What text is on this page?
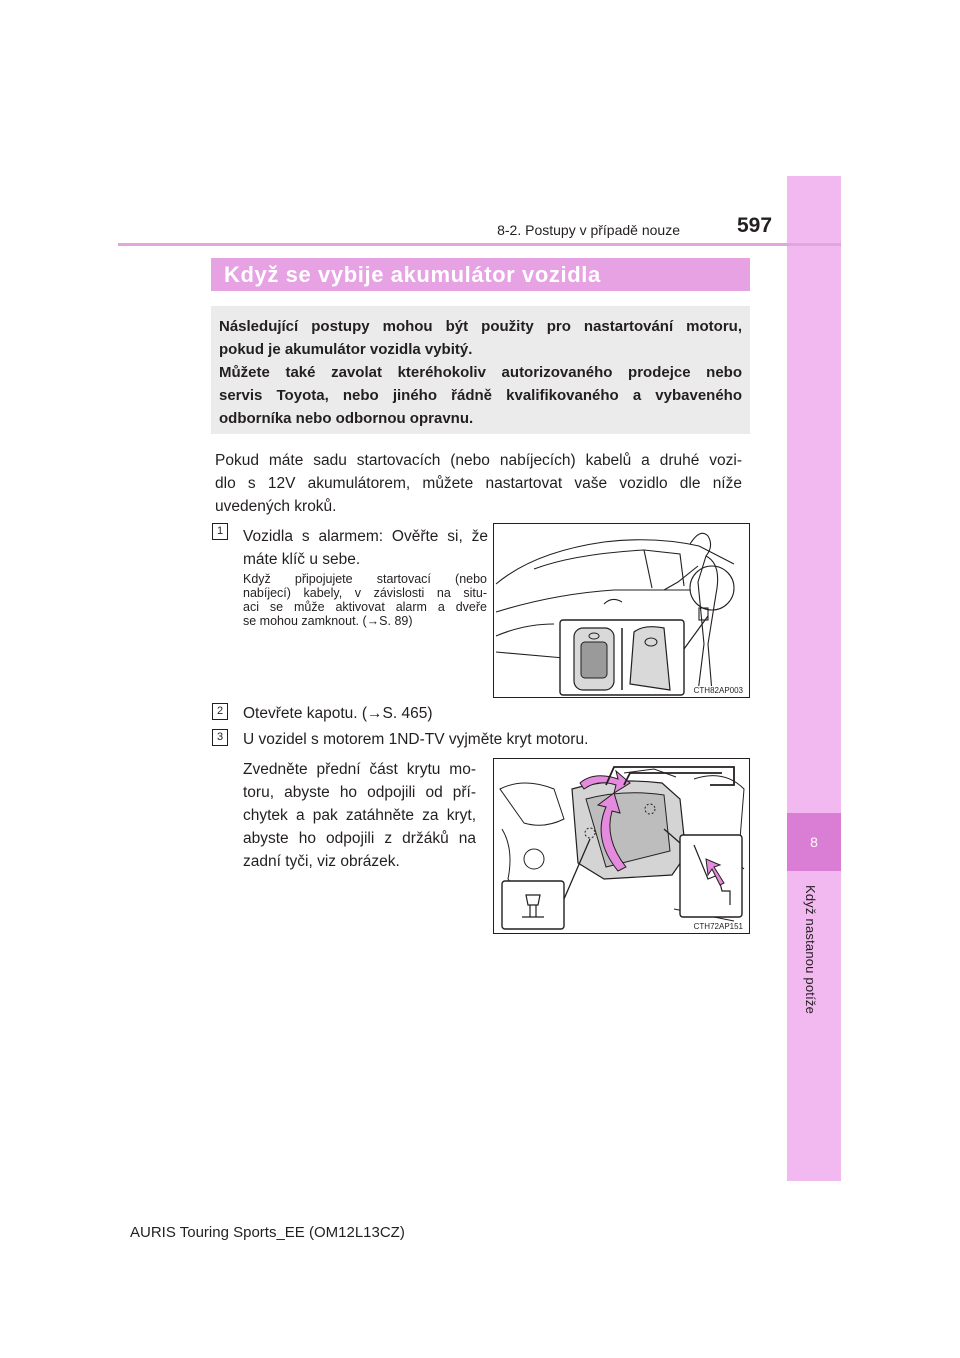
8
Když nastanou potíže
8-2. Postupy v případě nouze	597
Když se vybije akumulátor vozidla

Následující postupy mohou být použity pro nastartování motoru,

pokud je akumulátor vozidla vybitý.

Můžete také zavolat kteréhokoliv autorizovaného prodejce nebo

servis Toyota, nebo jiného řádně kvalifikovaného a vybaveného

odborníka nebo odbornou opravnu.

Pokud máte sadu startovacích (nebo nabíjecích) kabelů a druhé vozi-
dlo s 12V akumulátorem, můžete nastartovat vaše vozidlo dle níže
uvedených kroků.
1	Vozidla s alarmem: Ověřte si, že
máte klíč u sebe.
Když připojujete startovací (nebo
nabíjecí) kabely, v závislosti na situ-
aci se může aktivovat alarm a dveře
se mohou zamknout. (→S. 89)
CTH82AP003
2	Otevřete kapotu. (→S. 465)
3	U vozidel s motorem 1ND-TV vyjměte kryt motoru.
Zvedněte přední část krytu mo-
toru, abyste ho odpojili od pří-
chytek a pak zatáhněte za kryt,
abyste ho odpojili z držáků na
zadní tyči, viz obrázek.
CTH72AP151
AURIS Touring Sports_EE (OM12L13CZ)
